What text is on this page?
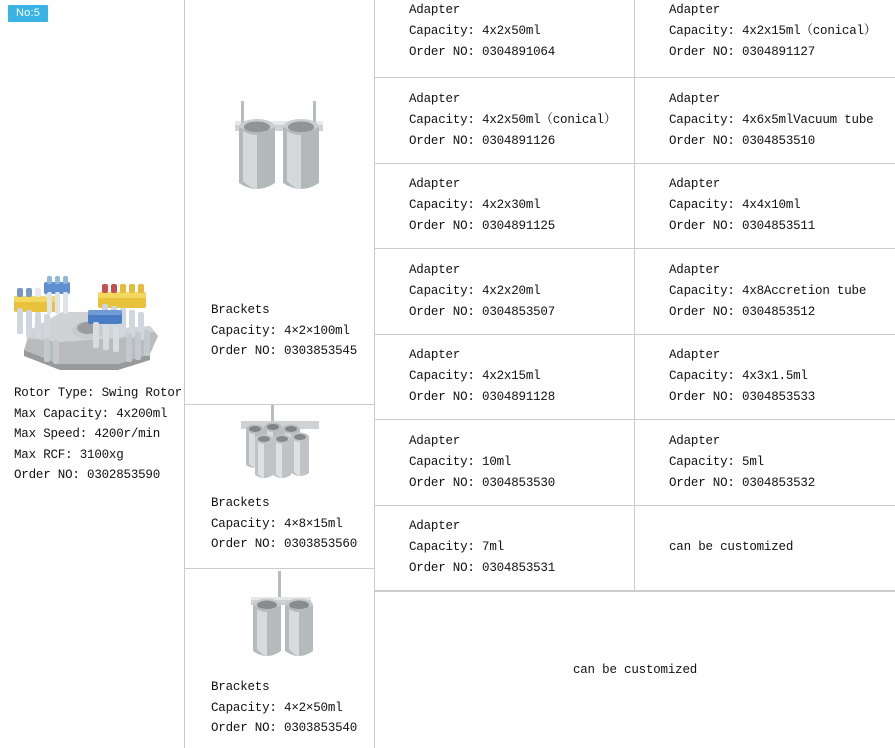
No:5
Rotor Type: Swing Rotor
Max Capacity: 4x200ml
Max Speed: 4200r/min
Max RCF: 3100xg
Order NO: 0302853590
Brackets
Capacity: 4×2×100ml
Order NO: 0303853545
Brackets
Capacity: 4×8×15ml
Order NO: 0303853560
Brackets
Capacity: 4×2×50ml
Order NO: 0303853540
Adapter
Capacity: 4x2x50ml
Order NO: 0304891064
Adapter
Capacity: 4x2x15ml（conical）
Order NO: 0304891127
Adapter
Capacity: 4x2x50ml（conical）
Order NO: 0304891126
Adapter
Capacity: 4x6x5mlVacuum tube
Order NO: 0304853510
Adapter
Capacity: 4x2x30ml
Order NO: 0304891125
Adapter
Capacity: 4x4x10ml
Order NO: 0304853511
Adapter
Capacity: 4x2x20ml
Order NO: 0304853507
Adapter
Capacity: 4x8Accretion tube
Order NO: 0304853512
Adapter
Capacity: 4x2x15ml
Order NO: 0304891128
Adapter
Capacity: 4x3x1.5ml
Order NO: 0304853533
Adapter
Capacity: 10ml
Order NO: 0304853530
Adapter
Capacity: 5ml
Order NO: 0304853532
Adapter
Capacity: 7ml
Order NO: 0304853531
can be customized
can be customized
